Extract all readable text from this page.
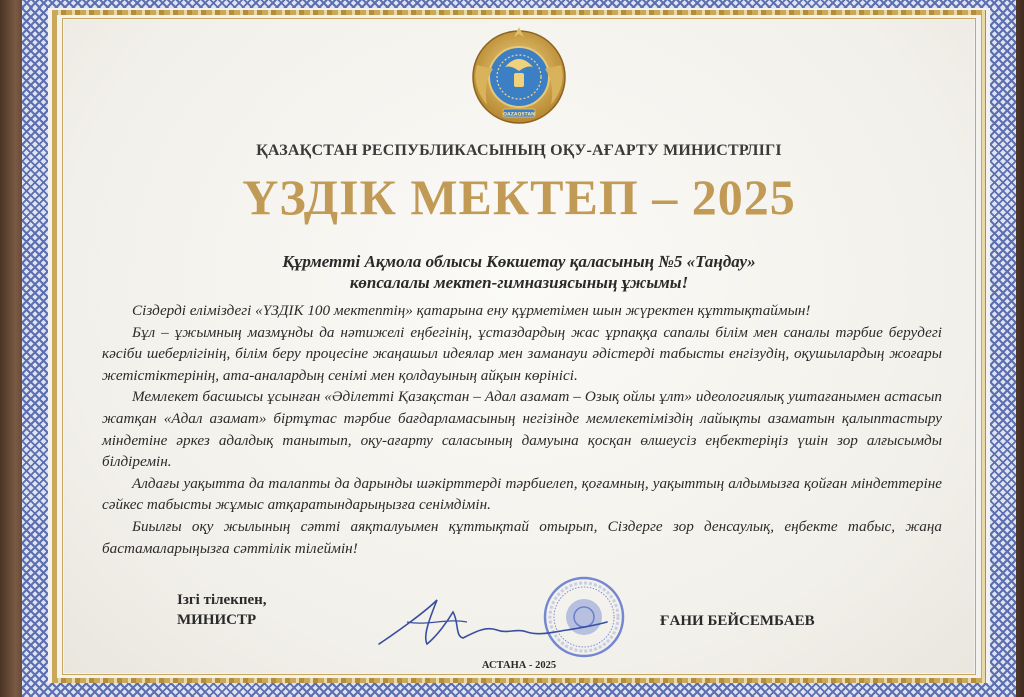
QAZAQSTAN
ҚАЗАҚСТАН РЕСПУБЛИКАСЫНЫҢ ОҚУ-АҒАРТУ МИНИСТРЛІГІ
ҮЗДІК МЕКТЕП – 2025
Құрметті Ақмола облысы Көкшетау қаласының №5 «Таңдау»
көпсалалы мектеп-гимназиясының ұжымы!

Сіздерді еліміздегі «ҮЗДІК 100 мектептің» қатарына ену құрметімен шын жүректен құттықтаймын!

Бұл – ұжымның мазмұнды да нәтижелі еңбегінің, ұстаздардың жас ұрпаққа сапалы білім мен саналы тәрбие берудегі кәсіби шеберлігінің, білім беру процесіне жаңашыл идеялар мен заманауи әдістерді табысты енгізудің, оқушылардың жоғары жетістіктерінің, ата-аналардың сенімі мен қолдауының айқын көрінісі.

Мемлекет басшысы ұсынған «Әділетті Қазақстан – Адал азамат – Озық ойлы ұлт» идеологиялық уштағанымен астасып жатқан «Адал азамат» біртұтас тәрбие бағдарламасының негізінде мемлекетіміздің лайықты азаматын қалыптастыру міндетіне әркез адалдық танытып, оқу-ағарту саласының дамуына қосқан өлшеусіз еңбектеріңіз үшін зор алғысымды білдіремін.

Алдағы уақытта да талапты да дарынды шәкірттерді тәрбиелеп, қоғамның, уақыттың алдымызға қойған міндеттеріне сәйкес табысты жұмыс атқаратындарыңызға сенімдімін.

Биылғы оқу жылының сәтті аяқталуымен құттықтай отырып, Сіздерге зор денсаулық, еңбекте табыс, жаңа бастамаларыңызға сәттілік тілеймін!

Ізгі тілекпен,
МИНИСТР	ҒАНИ БЕЙСЕМБАЕВ
АСТАНА - 2025
